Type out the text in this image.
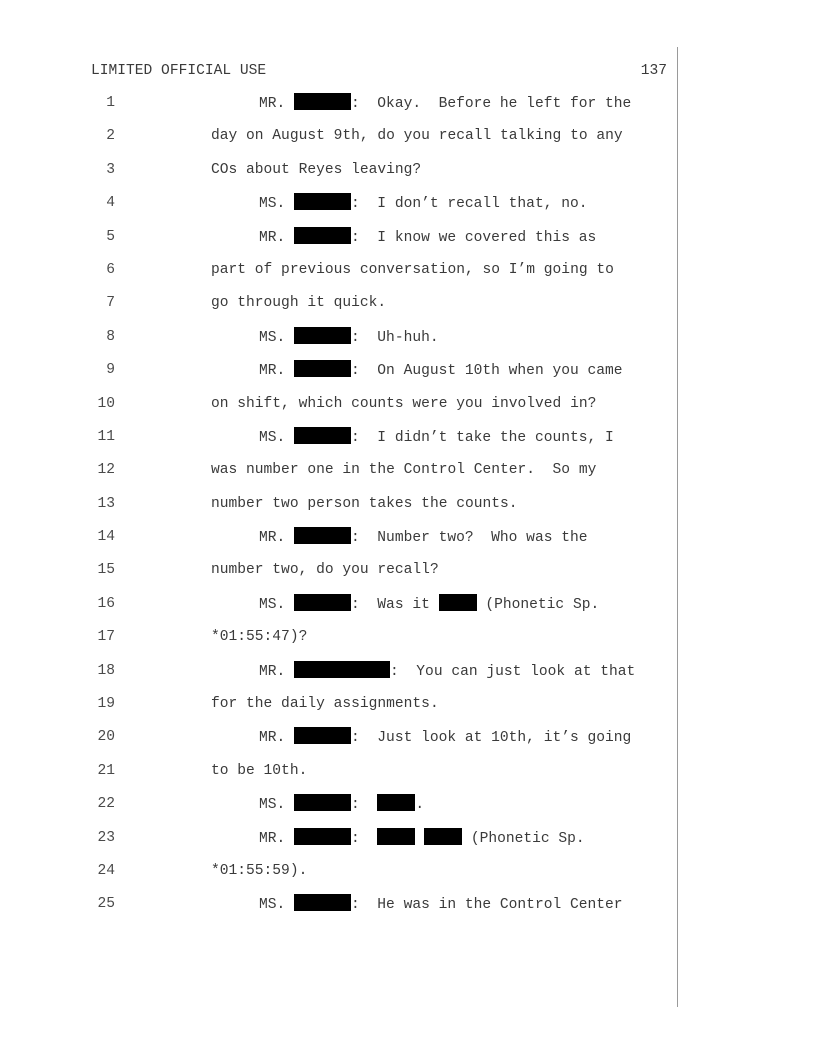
LIMITED OFFICIAL USE	137
1	MR.	:  Okay.  Before he left for the
2	day on August 9th, do you recall talking to any
3	COs about Reyes leaving?
4	MS.	:  I don’t recall that, no.
5	MR.	:  I know we covered this as
6	part of previous conversation, so I’m going to
7	go through it quick.
8	MS.	:  Uh-huh.
9	MR.	:  On August 10th when you came
10	on shift, which counts were you involved in?
11	MS.	:  I didn’t take the counts, I
12	was number one in the Control Center.  So my
13	number two person takes the counts.
14	MR.	:  Number two?  Who was the
15	number two, do you recall?
16	MS.	:  Was it	(Phonetic Sp.
17	*01:55:47)?
18	MR.	:  You can just look at that
19	for the daily assignments.
20	MR.	:  Just look at 10th, it’s going
21	to be 10th.
22	MS.	:	.
23	MR.	:	(Phonetic Sp.
24	*01:55:59).
25	MS.	:  He was in the Control Center
